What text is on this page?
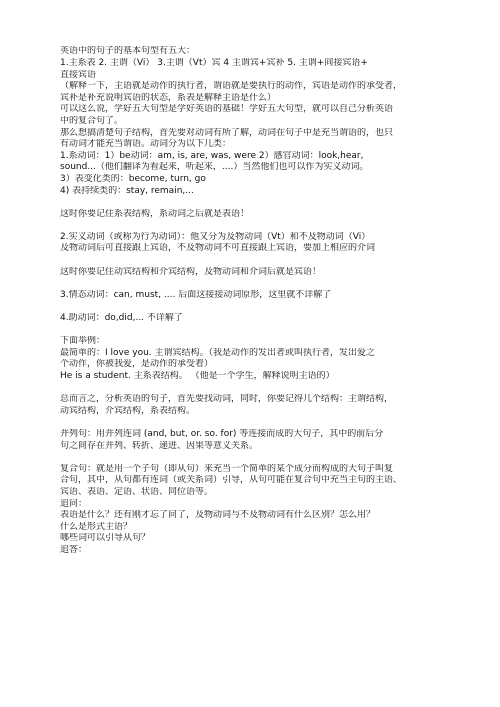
英语中的句子的基本句型有五大：
1.主系表 2. 主谓（Vi） 3.主谓（Vt）宾 4 主谓宾+宾补 5. 主谓+间接宾语+
直接宾语
（解释一下，主语就是动作的执行者，谓语就是要执行的动作，宾语是动作的承受者，
宾补是补充说明宾语的状态，系表是解释主语是什么）
可以这么说，学好五大句型是学好英语的基础！学好五大句型，就可以自己分析英语
中的复合句了。
那么想搞清楚句子结构，首先要对动词有所了解，动词在句子中是充当谓语的，也只
有动词才能充当谓语。动词分为以下几类：
1.系动词：1）be动词：am, is, are, was, were 2）感官动词：look,hear,
sound...（他们翻译为看起来，听起来，....）当然他们也可以作为实义动词。
3）表变化类的：become, turn, go
4) 表持续类的：stay, remain,...
这时你要记住系表结构，系动词之后就是表语！
2.实义动词（或称为行为动词）：他又分为及物动词（Vt）和不及物动词（Vi）
及物动词后可直接跟上宾语，不及物动词不可直接跟上宾语，要加上相应的介词
这时你要记住动宾结构和介宾结构，及物动词和介词后就是宾语！
3.情态动词：can, must, .... 后面这接接动词原形，这里就不详解了
4.助动词：do,did,... 不详解了
下面举例：
最简单的：I love you. 主谓宾结构。（我是动作的发出者或叫执行者，发出爱之
个动作，你被我爱，是动作的承受着）
He is a student. 主系表结构。 （他是一个学生，解释说明主语的）
总而言之，分析英语的句子，首先要找动词，同时，你要记得几个结构：主谓结构，
动宾结构，介宾结构，系表结构。
并列句：用并列连词 (and, but, or. so. for) 等连接而成的大句子，其中的前后分
句之间存在并列、转折、递进、因果等意义关系。
复合句：就是用一个子句（即从句）来充当一个简单的某个成分而构成的大句子叫复
合句，其中，从句都有连词（或关系词）引导，从句可能在复合句中充当主句的主语、
宾语、表语、定语、状语、同位语等。
追问：
表语是什么？还有刚才忘了问了，及物动词与不及物动词有什么区别？怎么用？
什么是形式主语？
哪些词可以引导从句？
追答：
